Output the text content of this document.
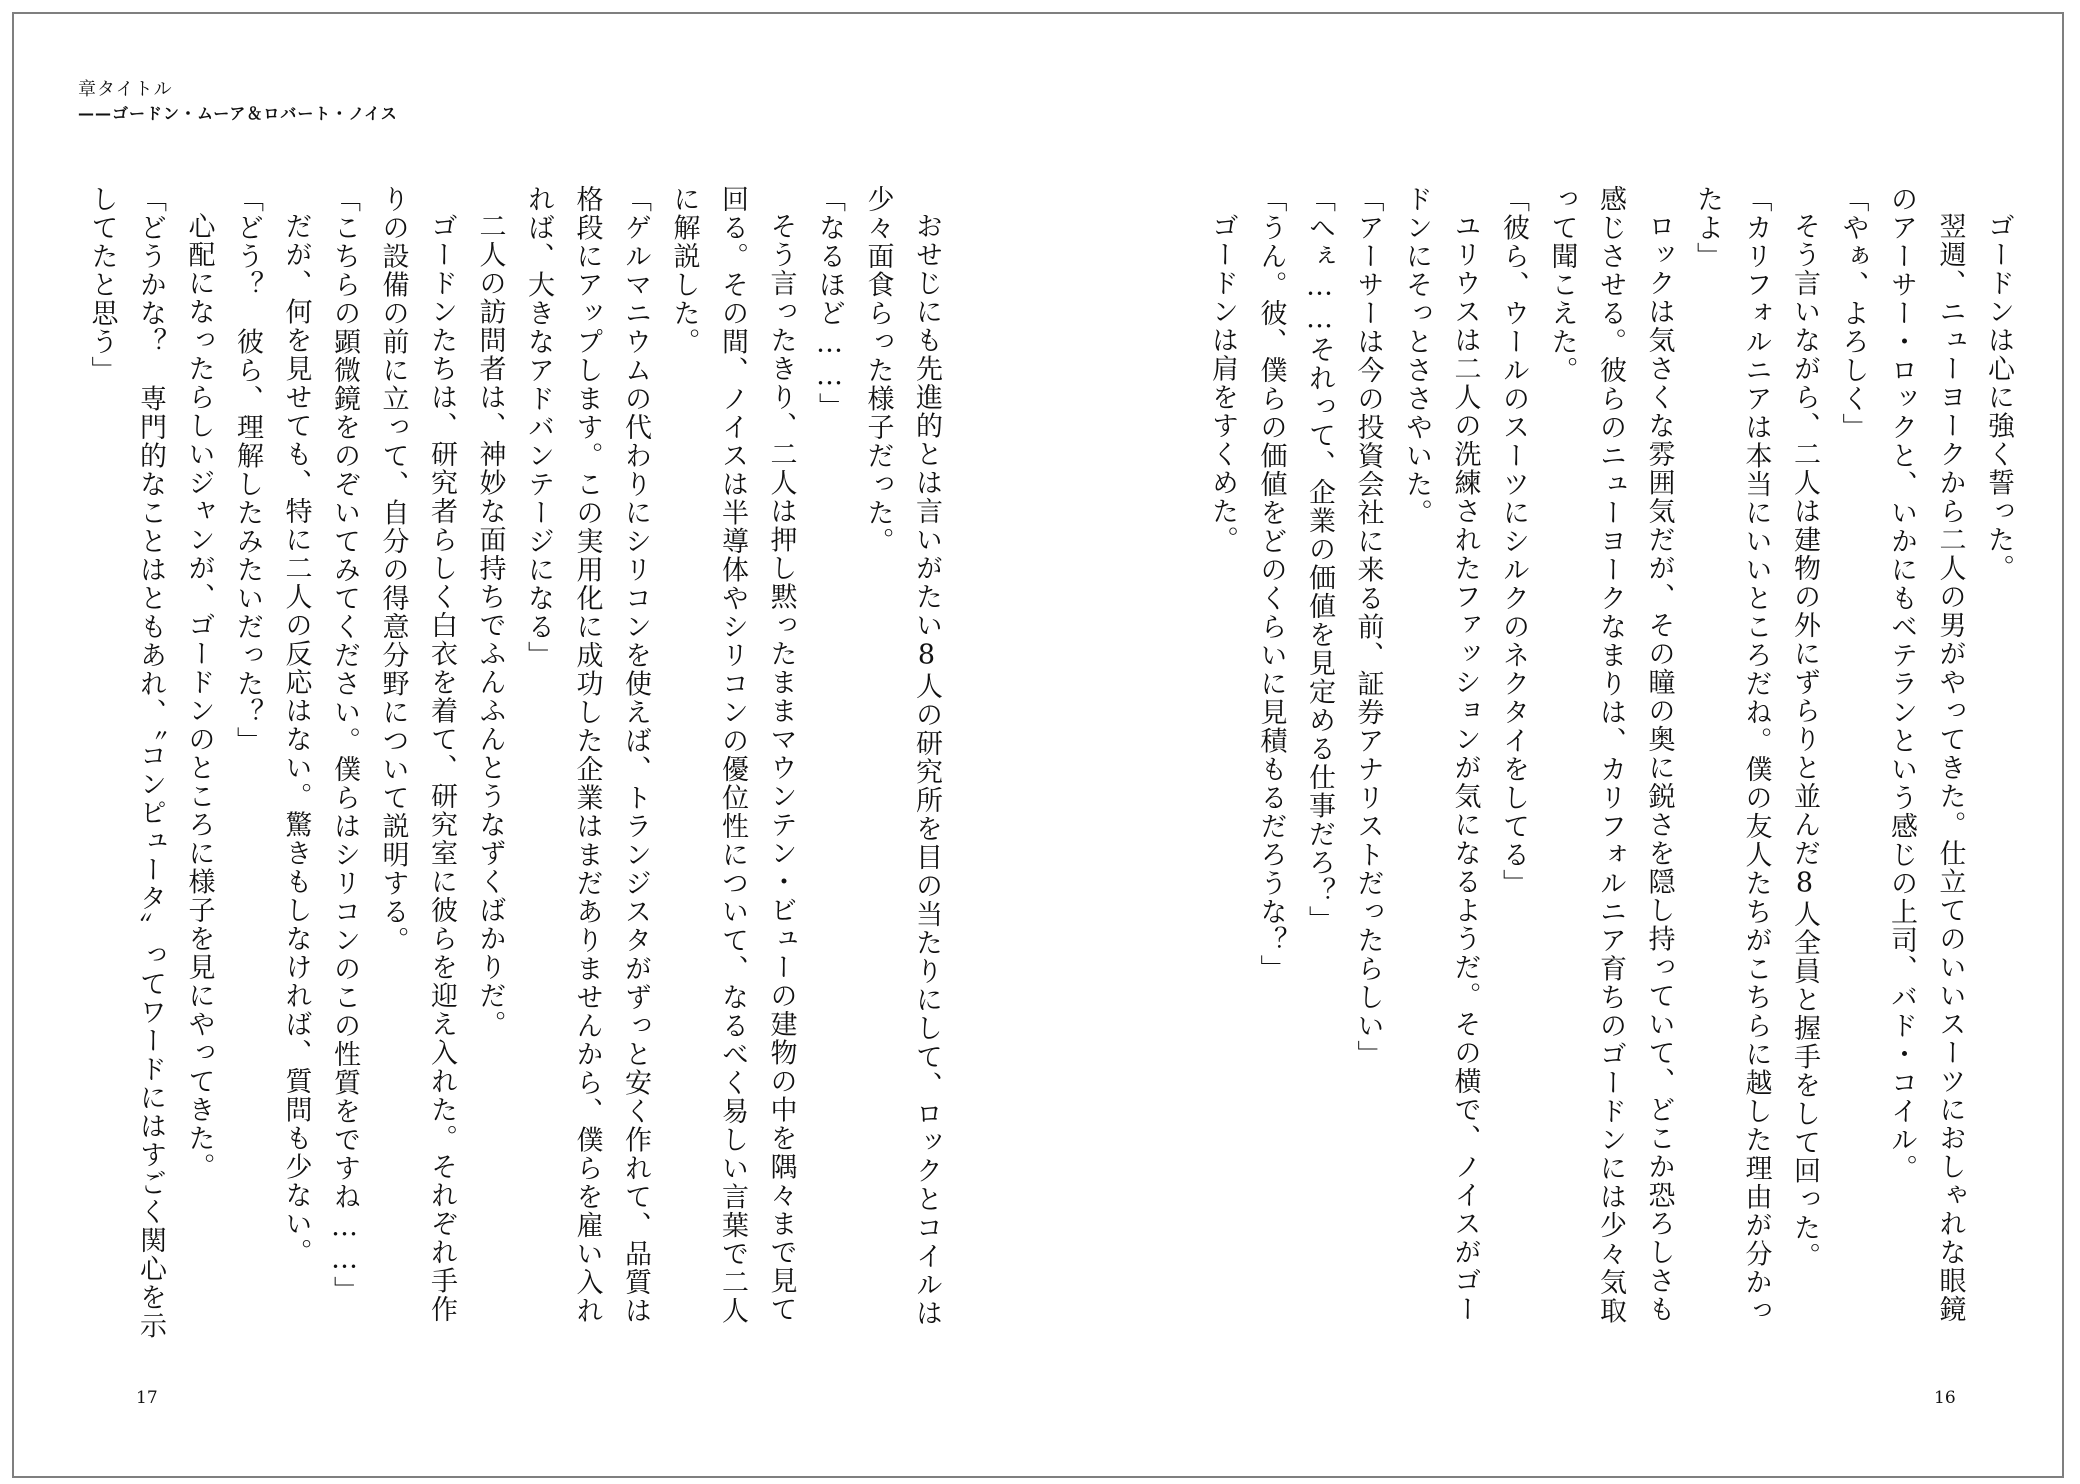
章タイトル
——ゴードン・ムーア＆ロバート・ノイス

ゴードンは心に強く誓った。

翌週、ニューヨークから二人の男がやってきた。仕立てのいいスーツにおしゃれな眼鏡のアーサー・ロックと、いかにもベテランという感じの上司、バド・コイル。

「やぁ、よろしく」

そう言いながら、二人は建物の外にずらりと並んだ8人全員と握手をして回った。

「カリフォルニアは本当にいいところだね。僕の友人たちがこちらに越した理由が分かったよ」

ロックは気さくな雰囲気だが、その瞳の奥に鋭さを隠し持っていて、どこか恐ろしさも感じさせる。彼らのニューヨークなまりは、カリフォルニア育ちのゴードンには少々気取って聞こえた。

「彼ら、ウールのスーツにシルクのネクタイをしてる」

ユリウスは二人の洗練されたファッションが気になるようだ。その横で、ノイスがゴードンにそっとささやいた。

「アーサーは今の投資会社に来る前、証券アナリストだったらしい」

「へぇ……それって、企業の価値を見定める仕事だろ？」

「うん。彼、僕らの価値をどのくらいに見積もるだろうな？」

ゴードンは肩をすくめた。

おせじにも先進的とは言いがたい8人の研究所を目の当たりにして、ロックとコイルは少々面食らった様子だった。

「なるほど……」

そう言ったきり、二人は押し黙ったままマウンテン・ビューの建物の中を隅々まで見て回る。その間、ノイスは半導体やシリコンの優位性について、なるべく易しい言葉で二人に解説した。

「ゲルマニウムの代わりにシリコンを使えば、トランジスタがずっと安く作れて、品質は格段にアップします。この実用化に成功した企業はまだありませんから、僕らを雇い入れれば、大きなアドバンテージになる」

二人の訪問者は、神妙な面持ちでふんふんとうなずくばかりだ。

ゴードンたちは、研究者らしく白衣を着て、研究室に彼らを迎え入れた。それぞれ手作りの設備の前に立って、自分の得意分野について説明する。

「こちらの顕微鏡をのぞいてみてください。僕らはシリコンのこの性質をですね……」

だが、何を見せても、特に二人の反応はない。驚きもしなければ、質問も少ない。

「どう？　彼ら、理解したみたいだった？」

心配になったらしいジャンが、ゴードンのところに様子を見にやってきた。

「どうかな？　専門的なことはともあれ、〝コンピュータ〟ってワードにはすごく関心を示してたと思う」

17	16
